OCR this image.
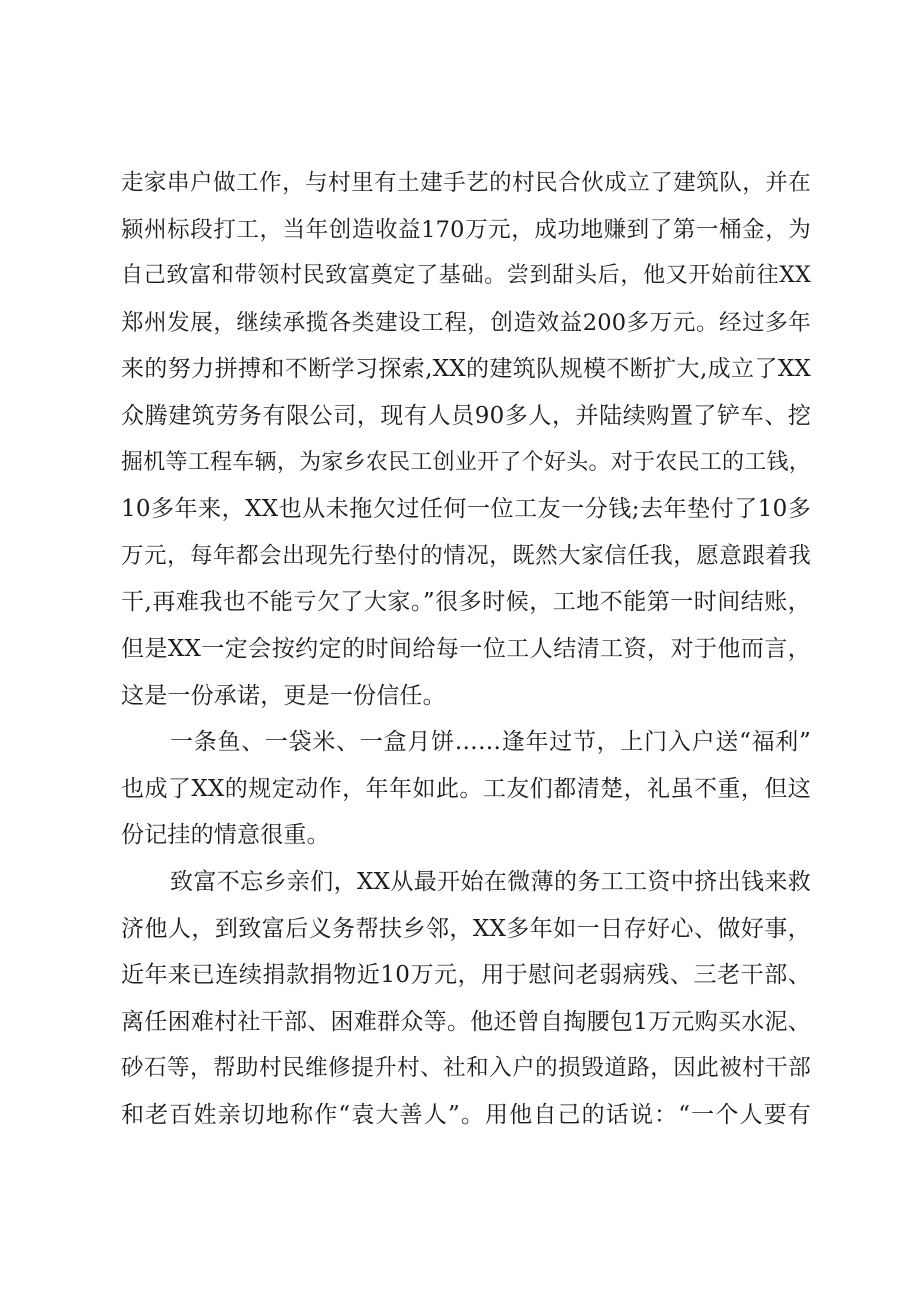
走家串户做工作，与村里有土建手艺的村民合伙成立了建筑队，并在
颍州标段打工，当年创造收益170万元，成功地赚到了第一桶金，为
自己致富和带领村民致富奠定了基础。尝到甜头后，他又开始前往XX
郑州发展，继续承揽各类建设工程，创造效益200多万元。经过多年
来的努力拼搏和不断学习探索,XX的建筑队规模不断扩大,成立了XX
众腾建筑劳务有限公司，现有人员90多人，并陆续购置了铲车、挖
掘机等工程车辆，为家乡农民工创业开了个好头。对于农民工的工钱，
10多年来，XX也从未拖欠过任何一位工友一分钱;去年垫付了10多
万元，每年都会出现先行垫付的情况，既然大家信任我，愿意跟着我
干,再难我也不能亏欠了大家。”很多时候，工地不能第一时间结账，
但是XX一定会按约定的时间给每一位工人结清工资，对于他而言，
这是一份承诺，更是一份信任。
一条鱼、一袋米、一盒月饼……逢年过节，上门入户送“福利”
也成了XX的规定动作，年年如此。工友们都清楚，礼虽不重，但这
份记挂的情意很重。
致富不忘乡亲们，XX从最开始在微薄的务工工资中挤出钱来救
济他人，到致富后义务帮扶乡邻，XX多年如一日存好心、做好事，
近年来已连续捐款捐物近10万元，用于慰问老弱病残、三老干部、
离任困难村社干部、困难群众等。他还曾自掏腰包1万元购买水泥、
砂石等，帮助村民维修提升村、社和入户的损毁道路，因此被村干部
和老百姓亲切地称作“袁大善人”。用他自己的话说：“一个人要有
